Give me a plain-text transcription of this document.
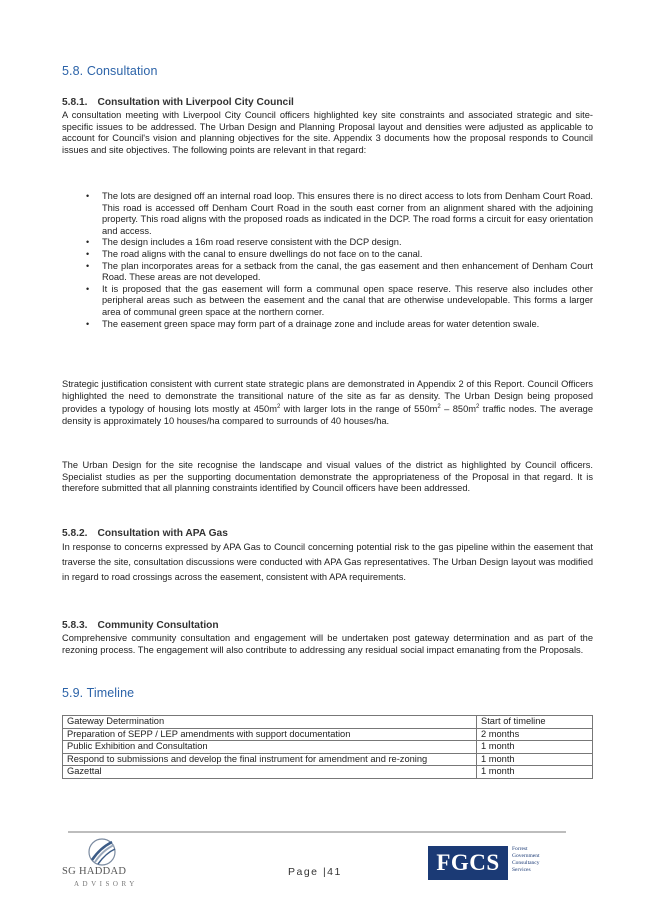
5.8. Consultation
5.8.1. Consultation with Liverpool City Council
A consultation meeting with Liverpool City Council officers highlighted key site constraints and associated strategic and site-specific issues to be addressed. The Urban Design and Planning Proposal layout and densities were adjusted as applicable to account for Council's vision and planning objectives for the site. Appendix 3 documents how the proposal responds to Council issues and site objectives. The following points are relevant in that regard:
• The lots are designed off an internal road loop. This ensures there is no direct access to lots from Denham Court Road. This road is accessed off Denham Court Road in the south east corner from an alignment shared with the adjoining property. This road aligns with the proposed roads as indicated in the DCP. The road forms a circuit for easy orientation and access.
• The design includes a 16m road reserve consistent with the DCP design.
• The road aligns with the canal to ensure dwellings do not face on to the canal.
• The plan incorporates areas for a setback from the canal, the gas easement and then enhancement of Denham Court Road. These areas are not developed.
• It is proposed that the gas easement will form a communal open space reserve. This reserve also includes other peripheral areas such as between the easement and the canal that are otherwise undevelopable. This forms a larger area of communal green space at the northern corner.
• The easement green space may form part of a drainage zone and include areas for water detention swale.
Strategic justification consistent with current state strategic plans are demonstrated in Appendix 2 of this Report. Council Officers highlighted the need to demonstrate the transitional nature of the site as far as density. The Urban Design being proposed provides a typology of housing lots mostly at $450m^2$ with larger lots in the range of $550m^2 - 850m^2$ traffic nodes. The average density is approximately 10 houses/ha compared to surrounds of 40 houses/ha.
The Urban Design for the site recognise the landscape and visual values of the district as highlighted by Council officers. Specialist studies as per the supporting documentation demonstrate the appropriateness of the Proposal in that regard. It is therefore submitted that all planning constraints identified by Council officers have been addressed.
5.8.2. Consultation with APA Gas
In response to concerns expressed by APA Gas to Council concerning potential risk to the gas pipeline within the easement that traverse the site, consultation discussions were conducted with APA Gas representatives. The Urban Design layout was modified in regard to road crossings across the easement, consistent with APA requirements.
5.8.3. Community Consultation
Comprehensive community consultation and engagement will be undertaken post gateway determination and as part of the rezoning process. The engagement will also contribute to addressing any residual social impact emanating from the Proposals.
5.9. Timeline
Gateway Determination	Start of timeline
Preparation of SEPP / LEP amendments with support documentation	2 months
Public Exhibition and Consultation	1 month
Respond to submissions and develop the final instrument for amendment and re-zoning	1 month
Gazettal	1 month
SG HADDAD
ADVISORY
Page |41	FGCS
Forrest
Government
Consultancy
Services
